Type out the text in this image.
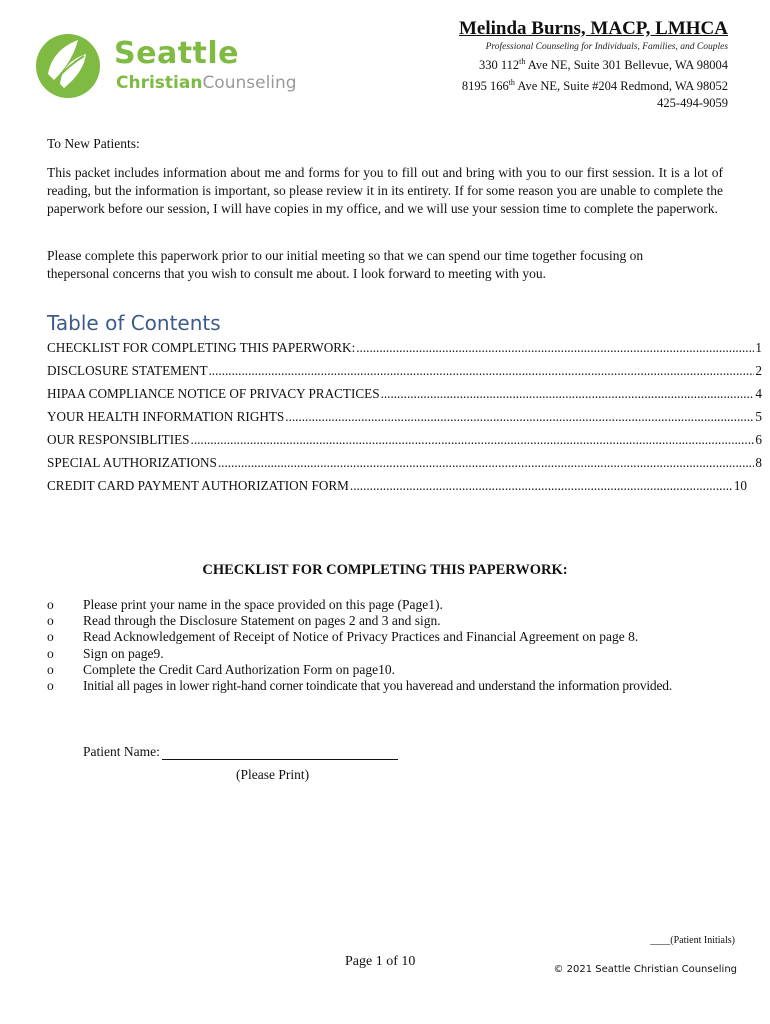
Melinda Burns, MACP, LMHCA
Professional Counseling for Individuals, Families, and Couples
330 112th Ave NE, Suite 301 Bellevue, WA 98004
8195 166th Ave NE, Suite #204 Redmond, WA 98052
425-494-9059
Seattle
ChristianCounseling
To New Patients:
This packet includes information about me and forms for you to fill out and bring with you to our first session. It is a lot of reading, but the information is important, so please review it in its entirety. If for some reason you are unable to complete the paperwork before our session, I will have copies in my office, and we will use your session time to complete the paperwork.
Please complete this paperwork prior to our initial meeting so that we can spend our time together focusing on thepersonal concerns that you wish to consult me about. I look forward to meeting with you.
Table of Contents
CHECKLIST FOR COMPLETING THIS PAPERWORK: .....	1
DISCLOSURE STATEMENT .....	2
HIPAA COMPLIANCE NOTICE OF PRIVACY PRACTICES .....	4
YOUR HEALTH INFORMATION RIGHTS .....	5
OUR RESPONSIBLITIES .....	6
SPECIAL AUTHORIZATIONS .....	8
CREDIT CARD PAYMENT AUTHORIZATION FORM .....	10
CHECKLIST FOR COMPLETING THIS PAPERWORK:
o	Please print your name in the space provided on this page (Page1).
o	Read through the Disclosure Statement on pages 2 and 3 and sign.
o	Read Acknowledgement of Receipt of Notice of Privacy Practices and Financial Agreement on page 8.
o	Sign on page9.
o	Complete the Credit Card Authorization Form on page10.
o	Initial all pages in lower right-hand corner toindicate that you haveread and understand the information provided.
Patient Name:
(Please Print)
____(Patient Initials)
Page 1 of 10
© 2021 Seattle Christian Counseling
